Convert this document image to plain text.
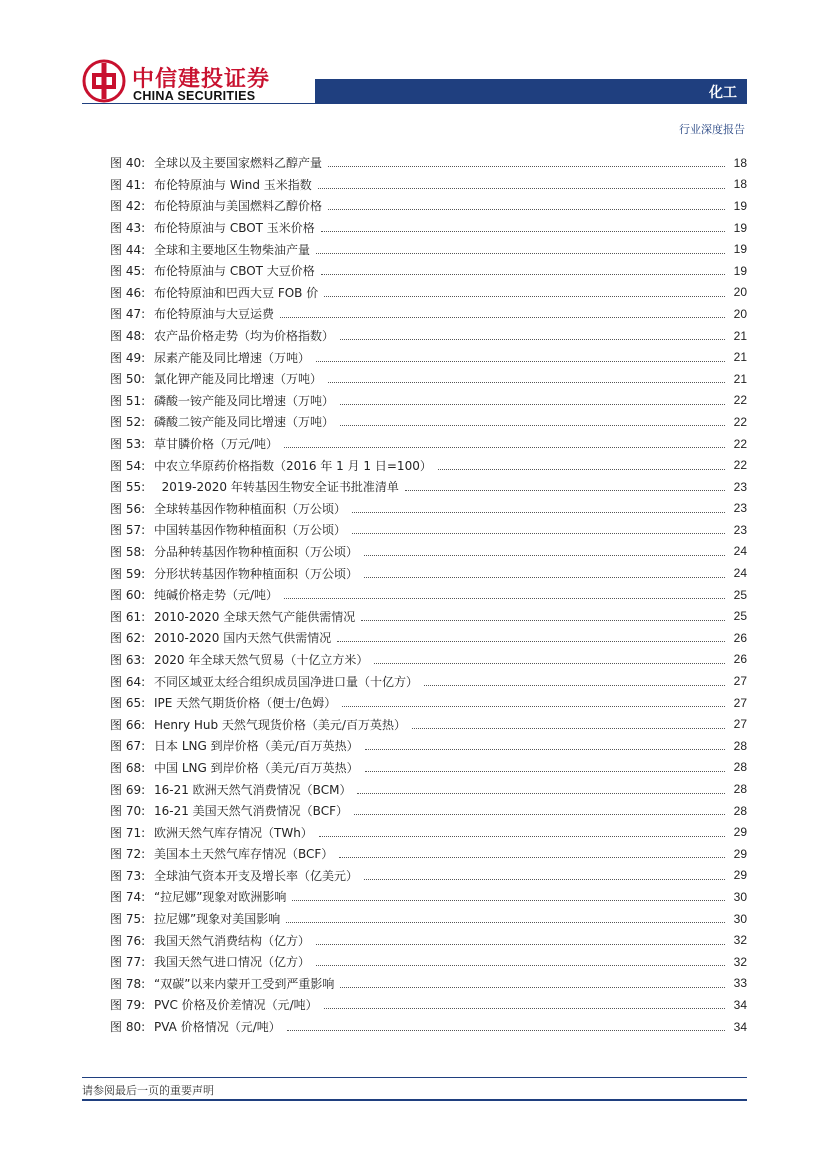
中信建投证券
CHINA SECURITIES	化工
行业深度报告
图 40: 全球以及主要国家燃料乙醇产量	18
图 41: 布伦特原油与 Wind 玉米指数	18
图 42: 布伦特原油与美国燃料乙醇价格	19
图 43: 布伦特原油与 CBOT 玉米价格	19
图 44: 全球和主要地区生物柴油产量	19
图 45: 布伦特原油与 CBOT 大豆价格	19
图 46: 布伦特原油和巴西大豆 FOB 价	20
图 47: 布伦特原油与大豆运费	20
图 48: 农产品价格走势（均为价格指数）	21
图 49: 尿素产能及同比增速（万吨）	21
图 50: 氯化钾产能及同比增速（万吨）	21
图 51: 磷酸一铵产能及同比增速（万吨）	22
图 52: 磷酸二铵产能及同比增速（万吨）	22
图 53: 草甘膦价格（万元/吨）	22
图 54: 中农立华原药价格指数（2016 年 1 月 1 日=100）	22
图 55: 2019-2020 年转基因生物安全证书批准清单	23
图 56: 全球转基因作物种植面积（万公顷）	23
图 57: 中国转基因作物种植面积（万公顷）	23
图 58: 分品种转基因作物种植面积（万公顷）	24
图 59: 分形状转基因作物种植面积（万公顷）	24
图 60: 纯碱价格走势（元/吨）	25
图 61: 2010-2020 全球天然气产能供需情况	25
图 62: 2010-2020 国内天然气供需情况	26
图 63: 2020 年全球天然气贸易（十亿立方米）	26
图 64: 不同区域亚太经合组织成员国净进口量（十亿方）	27
图 65: IPE 天然气期货价格（便士/色姆）	27
图 66: Henry Hub 天然气现货价格（美元/百万英热）	27
图 67: 日本 LNG 到岸价格（美元/百万英热）	28
图 68: 中国 LNG 到岸价格（美元/百万英热）	28
图 69: 16-21 欧洲天然气消费情况（BCM）	28
图 70: 16-21 美国天然气消费情况（BCF）	28
图 71: 欧洲天然气库存情况（TWh）	29
图 72: 美国本土天然气库存情况（BCF）	29
图 73: 全球油气资本开支及增长率（亿美元）	29
图 74: “拉尼娜”现象对欧洲影响	30
图 75: 拉尼娜”现象对美国影响	30
图 76: 我国天然气消费结构（亿方）	32
图 77: 我国天然气进口情况（亿方）	32
图 78: “双碳”以来内蒙开工受到严重影响	33
图 79: PVC 价格及价差情况（元/吨）	34
图 80: PVA 价格情况（元/吨）	34
请参阅最后一页的重要声明
